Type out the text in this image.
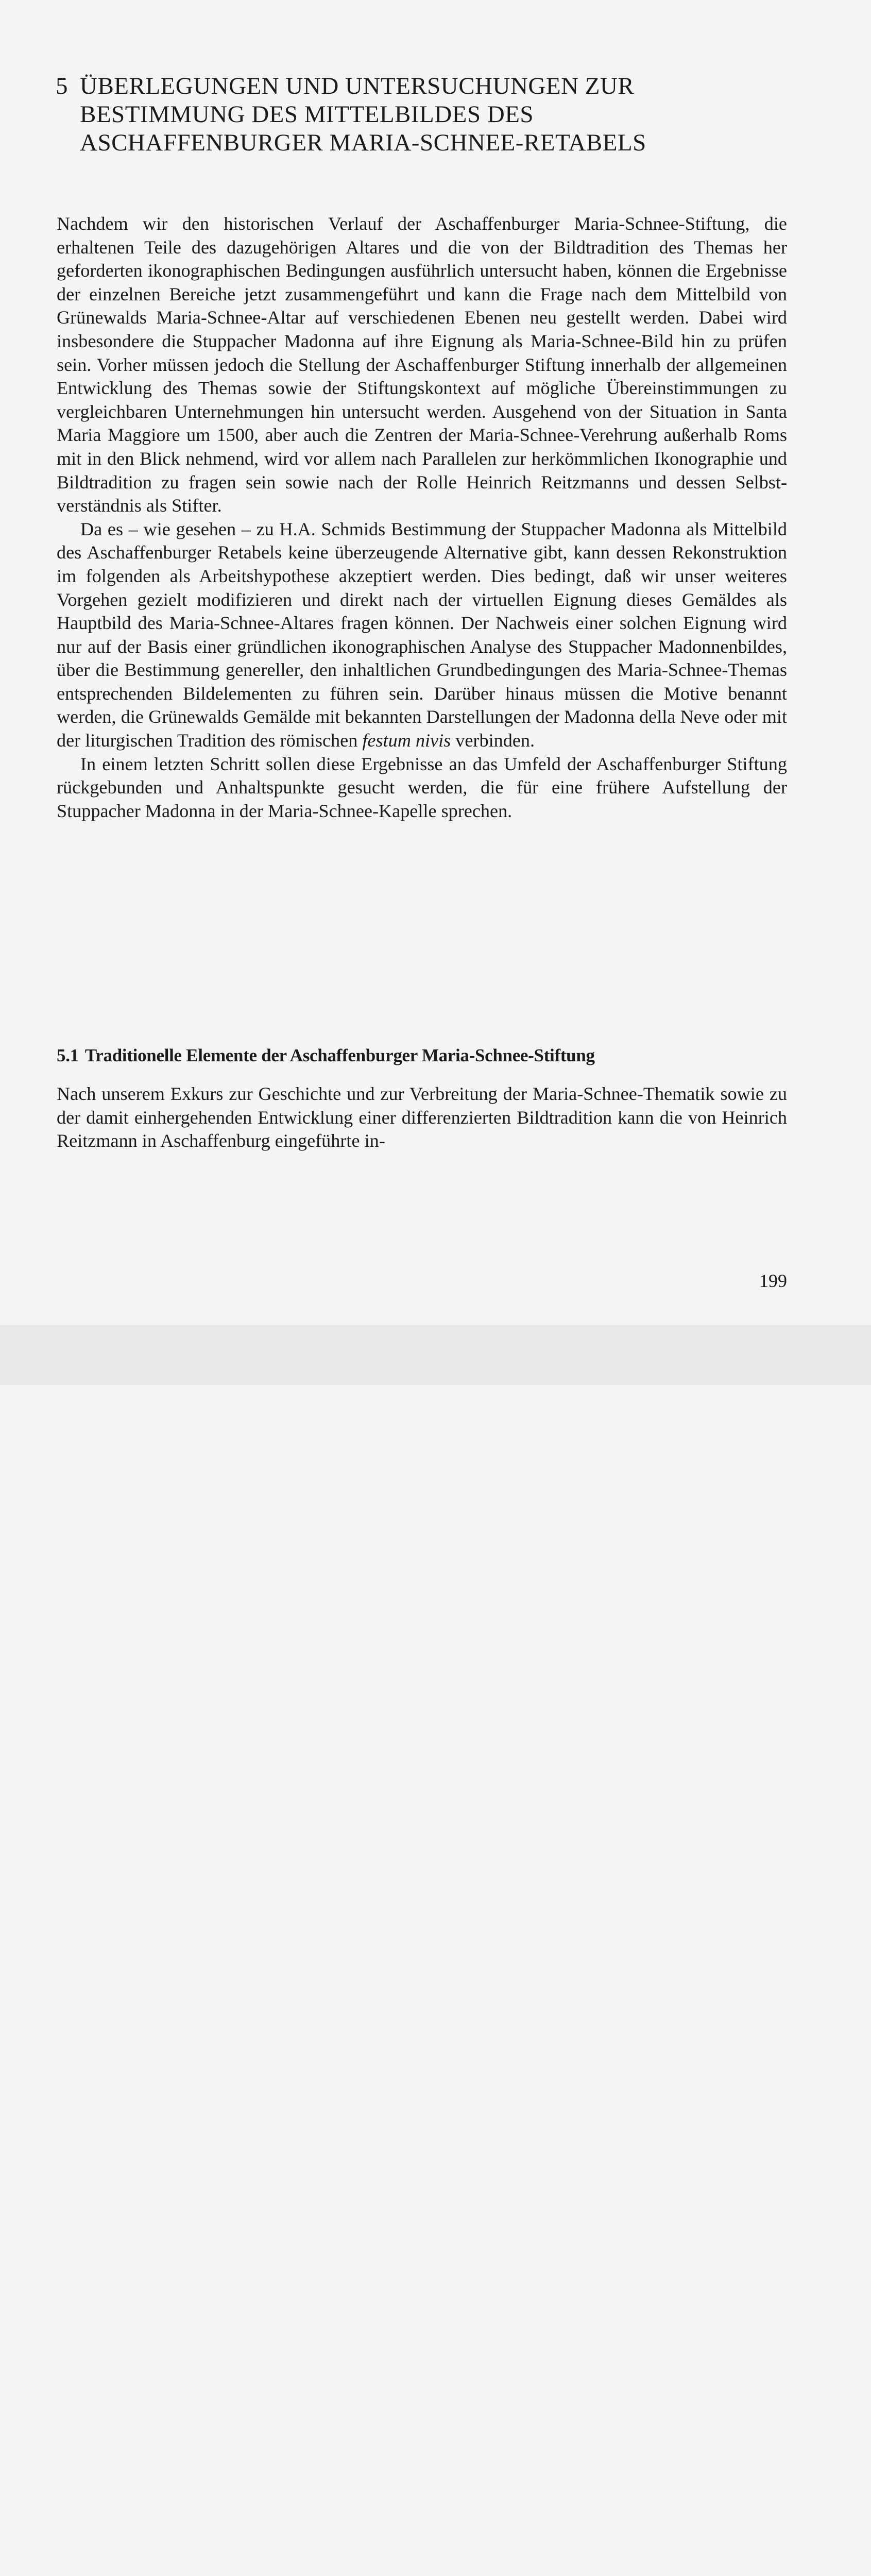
5 ÜBERLEGUNGEN UND UNTERSUCHUNGEN ZUR
BESTIMMUNG DES MITTELBILDES DES
ASCHAFFENBURGER MARIA-SCHNEE-RETABELS

Nachdem wir den historischen Verlauf der Aschaffenburger Maria-Schnee-Stiftung, die erhaltenen Teile des dazugehörigen Altares und die von der Bildtradition des Themas her geforderten ikonographischen Bedingungen ausführlich untersucht haben, können die Ergebnisse der einzelnen Bereiche jetzt zusammengeführt und kann die Frage nach dem Mittelbild von Grünewalds Maria-Schnee-Altar auf verschiedenen Ebenen neu gestellt werden. Dabei wird insbesondere die Stuppacher Madonna auf ihre Eignung als Maria-Schnee-Bild hin zu prüfen sein. Vorher müssen jedoch die Stellung der Aschaffenburger Stiftung innerhalb der allgemeinen Entwicklung des Themas sowie der Stiftungskontext auf mögliche Übereinstimmungen zu vergleichbaren Unternehmungen hin untersucht werden. Ausgehend von der Situation in Santa Maria Maggiore um 1500, aber auch die Zentren der Maria-Schnee-Verehrung außerhalb Roms mit in den Blick nehmend, wird vor allem nach Parallelen zur herkömmlichen Ikonographie und Bildtradition zu fragen sein sowie nach der Rolle Heinrich Reitzmanns und dessen Selbstverständnis als Stifter.

Da es – wie gesehen – zu H.A. Schmids Bestimmung der Stuppacher Madonna als Mittelbild des Aschaffenburger Retabels keine überzeugende Alternative gibt, kann dessen Rekonstruktion im folgenden als Arbeitshypothese akzeptiert werden. Dies bedingt, daß wir unser weiteres Vorgehen gezielt modifizieren und direkt nach der virtuellen Eignung dieses Gemäldes als Hauptbild des Maria-Schnee-Altares fragen können. Der Nachweis einer solchen Eignung wird nur auf der Basis einer gründlichen ikonographischen Analyse des Stuppacher Madonnenbildes, über die Bestimmung genereller, den inhaltlichen Grundbedingungen des Maria-Schnee-Themas entsprechenden Bildelementen zu führen sein. Darüber hinaus müssen die Motive benannt werden, die Grünewalds Gemälde mit bekannten Darstellungen der Madonna della Neve oder mit der liturgischen Tradition des römischen festum nivis verbinden.

In einem letzten Schritt sollen diese Ergebnisse an das Umfeld der Aschaffenburger Stiftung rückgebunden und Anhaltspunkte gesucht werden, die für eine frühere Aufstellung der Stuppacher Madonna in der Maria-Schnee-Kapelle sprechen.

5.1 Traditionelle Elemente der Aschaffenburger Maria-Schnee-Stiftung

Nach unserem Exkurs zur Geschichte und zur Verbreitung der Maria-Schnee-Thematik sowie zu der damit einhergehenden Entwicklung einer differenzierten Bildtradition kann die von Heinrich Reitzmann in Aschaffenburg eingeführte in-

199
